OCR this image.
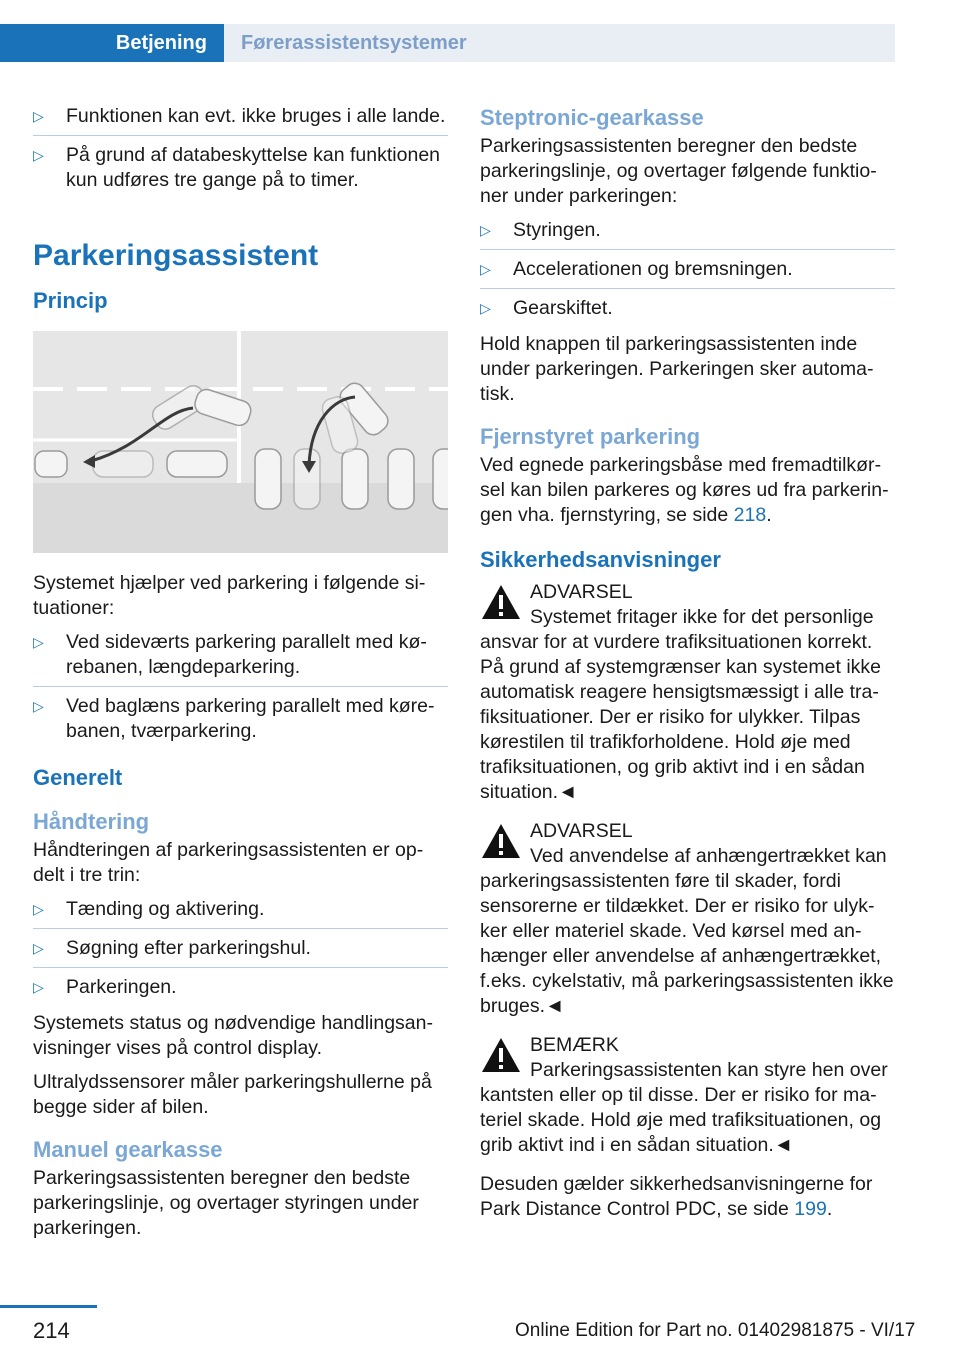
Betjening	Førerassistentsystemer
▷ Funktionen kan evt. ikke bruges i alle lande.
▷ På grund af databeskyttelse kan funktionen kun udføres tre gange på to timer.
Parkeringsassistent
Princip

Systemet hjælper ved parkering i følgende situationer:

▷ Ved sideværts parkering parallelt med kørebanen, længdeparkering.
▷ Ved baglæns parkering parallelt med kørebanen, tværparkering.
Generelt
Håndtering

Håndteringen af parkeringsassistenten er opdelt i tre trin:

▷ Tænding og aktivering.
▷ Søgning efter parkeringshul.
▷ Parkeringen.

Systemets status og nødvendige handlingsanvisninger vises på control display.

Ultralydssensorer måler parkeringshullerne på begge sider af bilen.

Manuel gearkasse

Parkeringsassistenten beregner den bedste parkeringslinje, og overtager styringen under parkeringen.

Steptronic-gearkasse

Parkeringsassistenten beregner den bedste parkeringslinje, og overtager følgende funktioner under parkeringen:

▷ Styringen.
▷ Accelerationen og bremsningen.
▷ Gearskiftet.

Hold knappen til parkeringsassistenten inde under parkeringen. Parkeringen sker automatisk.

Fjernstyret parkering

Ved egnede parkeringsbåse med fremadtilkørsel kan bilen parkeres og køres ud fra parkeringen vha. fjernstyring, se side 218.

Sikkerhedsanvisninger
ADVARSEL
Systemet fritager ikke for det personlige
ansvar for at vurdere trafiksituationen korrekt. På grund af systemgrænser kan systemet ikke automatisk reagere hensigtsmæssigt i alle trafiksituationer. Der er risiko for ulykker. Tilpas kørestilen til trafikforholdene. Hold øje med trafiksituationen, og grib aktivt ind i en sådan situation.◄
ADVARSEL
Ved anvendelse af anhængertrækket kan
parkeringsassistenten føre til skader, fordi sensorerne er tildækket. Der er risiko for ulykker eller materiel skade. Ved kørsel med anhænger eller anvendelse af anhængertrækket, f.eks. cykelstativ, må parkeringsassistenten ikke bruges.◄
BEMÆRK
Parkeringsassistenten kan styre hen over
kantsten eller op til disse. Der er risiko for materiel skade. Hold øje med trafiksituationen, og grib aktivt ind i en sådan situation.◄

Desuden gælder sikkerhedsanvisningerne for Park Distance Control PDC, se side 199.

214	Online Edition for Part no. 01402981875 - VI/17
